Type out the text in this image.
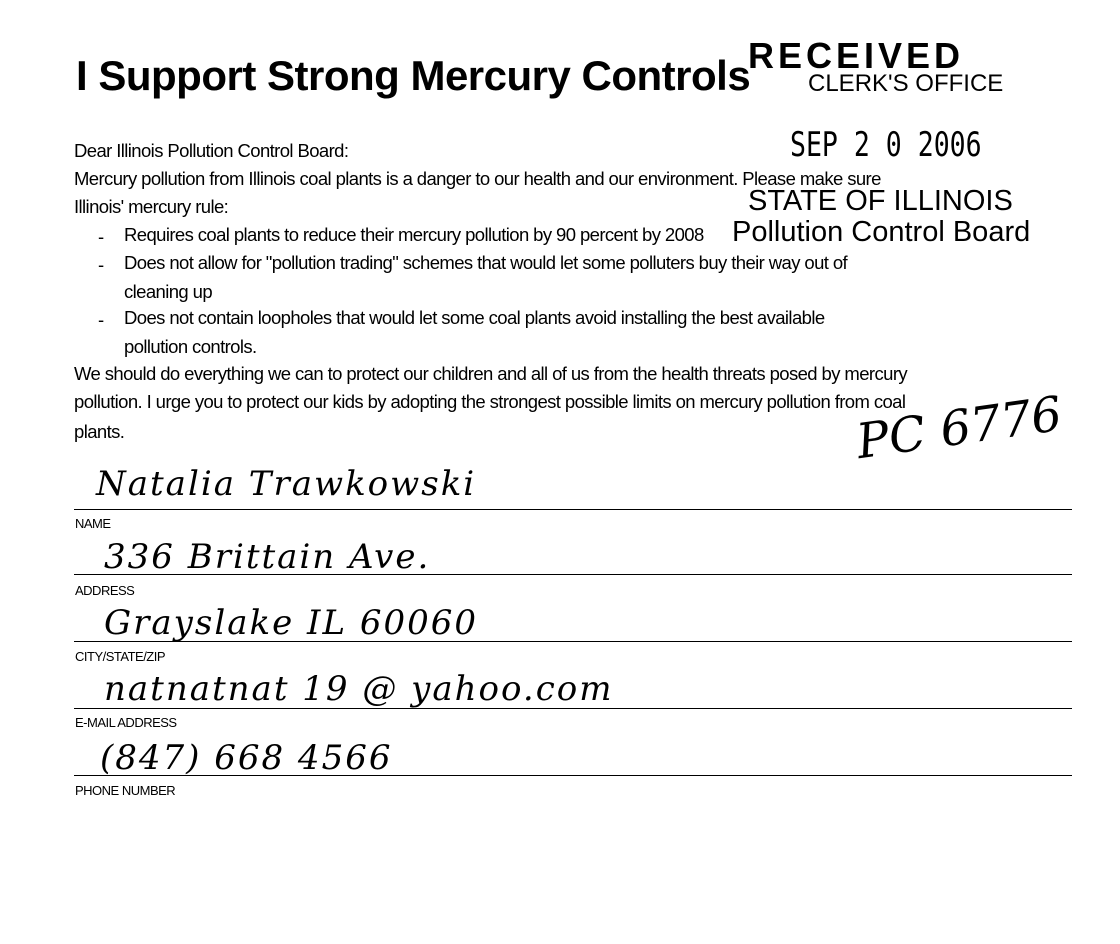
I Support Strong Mercury Controls
RECEIVED
CLERK'S OFFICE
SEP 2 0 2006
STATE OF ILLINOIS
Pollution Control Board
Dear Illinois Pollution Control Board:
Mercury pollution from Illinois coal plants is a danger to our health and our environment. Please make sure
Illinois' mercury rule:
- Requires coal plants to reduce their mercury pollution by 90 percent by 2008
- Does not allow for "pollution trading" schemes that would let some polluters buy their way out of
cleaning up
- Does not contain loopholes that would let some coal plants avoid installing the best available
pollution controls.
We should do everything we can to protect our children and all of us from the health threats posed by mercury
pollution. I urge you to protect our kids by adopting the strongest possible limits on mercury pollution from coal
plants.	PC 6776
Natalia Trawkowski
NAME
336 Brittain Ave.
ADDRESS
Grayslake IL 60060
CITY/STATE/ZIP
natnatnat 19 @ yahoo.com
E-MAIL ADDRESS
(847) 668 4566
PHONE NUMBER
